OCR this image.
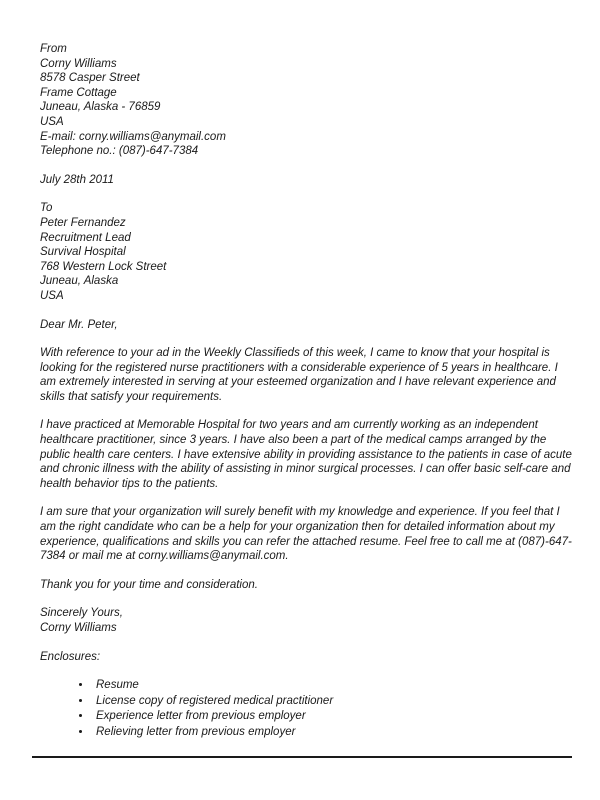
From
Corny Williams
8578 Casper Street
Frame Cottage
Juneau, Alaska - 76859
USA
E-mail: corny.williams@anymail.com
Telephone no.: (087)-647-7384
July 28th 2011
To
Peter Fernandez
Recruitment Lead
Survival Hospital
768 Western Lock Street
Juneau, Alaska
USA
Dear Mr. Peter,

With reference to your ad in the Weekly Classifieds of this week, I came to know that your hospital is looking for the registered nurse practitioners with a considerable experience of 5 years in healthcare. I am extremely interested in serving at your esteemed organization and I have relevant experience and skills that satisfy your requirements.

I have practiced at Memorable Hospital for two years and am currently working as an independent healthcare practitioner, since 3 years. I have also been a part of the medical camps arranged by the public health care centers. I have extensive ability in providing assistance to the patients in case of acute and chronic illness with the ability of assisting in minor surgical processes. I can offer basic self-care and health behavior tips to the patients.

I am sure that your organization will surely benefit with my knowledge and experience. If you feel that I am the right candidate who can be a help for your organization then for detailed information about my experience, qualifications and skills you can refer the attached resume. Feel free to call me at (087)-647-7384 or mail me at corny.williams@anymail.com.

Thank you for your time and consideration.

Sincerely Yours,
Corny Williams
Enclosures:
• Resume
• License copy of registered medical practitioner
• Experience letter from previous employer
• Relieving letter from previous employer
